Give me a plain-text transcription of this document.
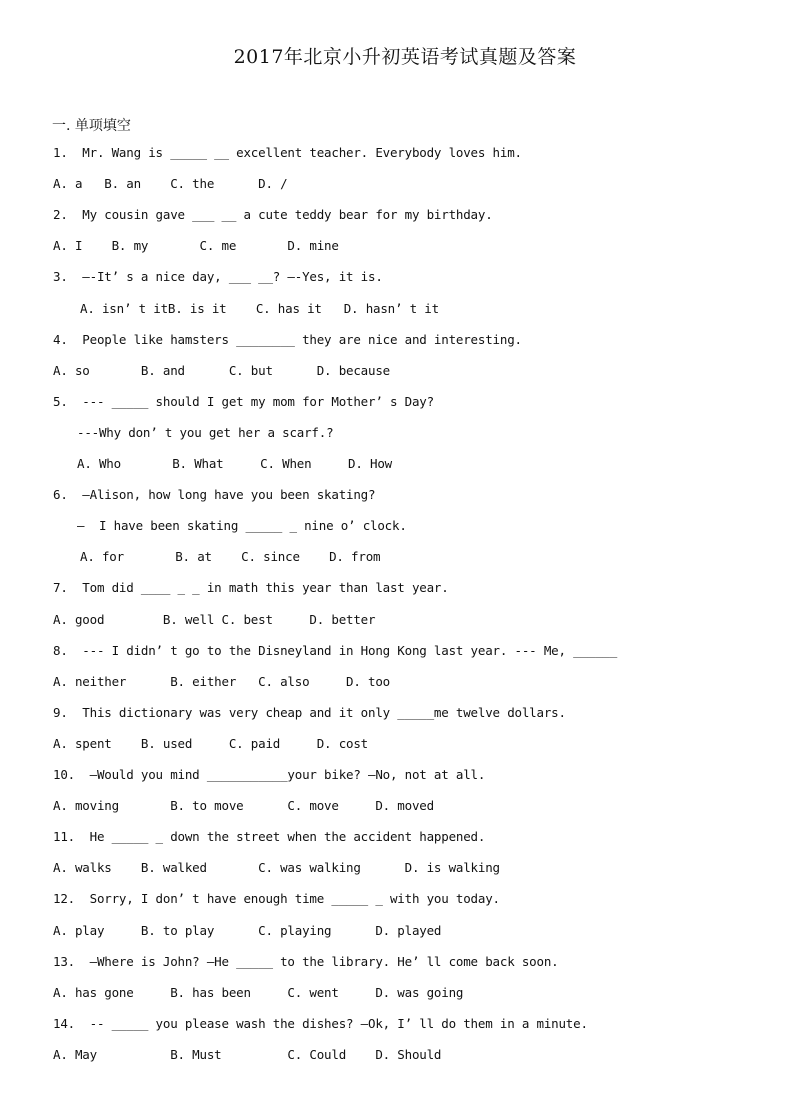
2017年北京小升初英语考试真题及答案
一. 单项填空
1.  Mr. Wang is _____ __ excellent teacher. Everybody loves him.
A. a   B. an    C. the      D. /
2.  My cousin gave ___ __ a cute teddy bear for my birthday.
A. I    B. my       C. me       D. mine
3.  —-It’ s a nice day, ___ __? —-Yes, it is.
A. isn’ t itB. is it    C. has it   D. hasn’ t it
4.  People like hamsters ________ they are nice and interesting.
A. so       B. and      C. but      D. because
5.  --- _____ should I get my mom for Mother’ s Day?
---Why don’ t you get her a scarf.?
A. Who       B. What     C. When     D. How
6.  –Alison, how long have you been skating?
–  I have been skating _____ _ nine o’ clock.
A. for       B. at    C. since    D. from
7.  Tom did ____ _ _ in math this year than last year.
A. good        B. well C. best     D. better
8.  --- I didn’ t go to the Disneyland in Hong Kong last year. --- Me, ______
A. neither      B. either   C. also     D. too
9.  This dictionary was very cheap and it only _____me twelve dollars.
A. spent    B. used     C. paid     D. cost
10.  –Would you mind ___________your bike? –No, not at all.
A. moving       B. to move      C. move     D. moved
11.  He _____ _ down the street when the accident happened.
A. walks    B. walked       C. was walking      D. is walking
12.  Sorry, I don’ t have enough time _____ _ with you today.
A. play     B. to play      C. playing      D. played
13.  –Where is John? –He _____ to the library. He’ ll come back soon.
A. has gone     B. has been     C. went     D. was going
14.  -- _____ you please wash the dishes? –Ok, I’ ll do them in a minute.
A. May          B. Must         C. Could    D. Should
